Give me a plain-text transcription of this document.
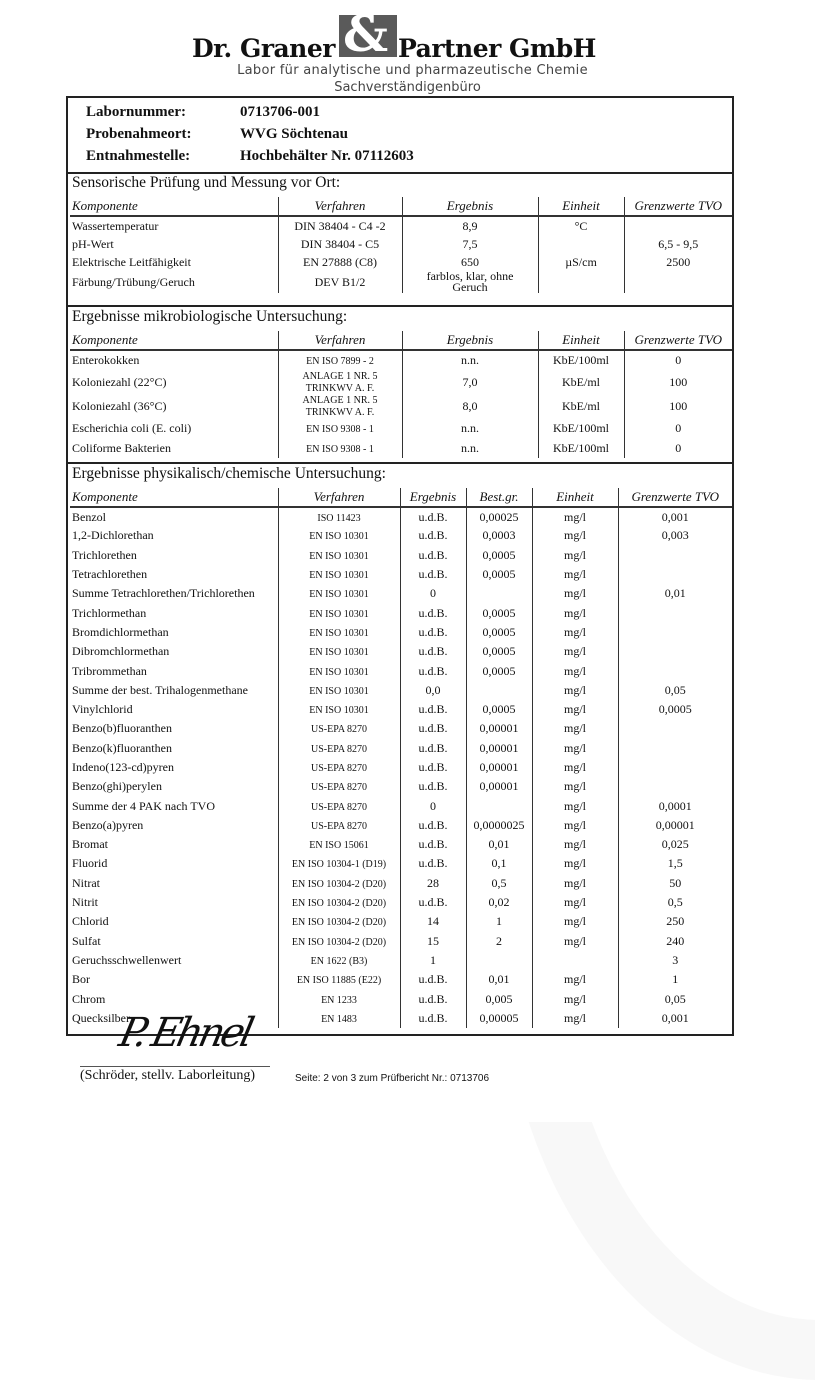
Dr. Graner	Partner GmbH
&
Labor für analytische und pharmazeutische Chemie
Sachverständigenbüro
Labornummer:	0713706-001
Probenahmeort:	WVG Söchtenau
Entnahmestelle:	Hochbehälter Nr. 07112603
Sensorische Prüfung und Messung vor Ort:
Komponente	Verfahren	Ergebnis	Einheit	Grenzwerte TVO
Wassertemperatur	DIN 38404 - C4 -2	8,9	°C	
pH-Wert	DIN 38404 - C5	7,5		6,5 - 9,5
Elektrische Leitfähigkeit	EN 27888 (C8)	650	µS/cm	2500
Färbung/Trübung/Geruch	DEV B1/2	farblos, klar, ohne
Geruch		
Ergebnisse mikrobiologische Untersuchung:
Komponente	Verfahren	Ergebnis	Einheit	Grenzwerte TVO
Enterokokken	EN ISO 7899 - 2	n.n.	KbE/100ml	0
Koloniezahl (22°C)	ANLAGE 1 NR. 5
TRINKWV A. F.	7,0	KbE/ml	100
Koloniezahl (36°C)	ANLAGE 1 NR. 5
TRINKWV A. F.	8,0	KbE/ml	100
Escherichia coli (E. coli)	EN ISO 9308 - 1	n.n.	KbE/100ml	0
Coliforme Bakterien	EN ISO 9308 - 1	n.n.	KbE/100ml	0
Ergebnisse physikalisch/chemische Untersuchung:
Komponente	Verfahren	Ergebnis	Best.gr.	Einheit	Grenzwerte TVO
Benzol	ISO 11423	u.d.B.	0,00025	mg/l	0,001
1,2-Dichlorethan	EN ISO 10301	u.d.B.	0,0003	mg/l	0,003
Trichlorethen	EN ISO 10301	u.d.B.	0,0005	mg/l	
Tetrachlorethen	EN ISO 10301	u.d.B.	0,0005	mg/l	
Summe Tetrachlorethen/Trichlorethen	EN ISO 10301	0		mg/l	0,01
Trichlormethan	EN ISO 10301	u.d.B.	0,0005	mg/l	
Bromdichlormethan	EN ISO 10301	u.d.B.	0,0005	mg/l	
Dibromchlormethan	EN ISO 10301	u.d.B.	0,0005	mg/l	
Tribrommethan	EN ISO 10301	u.d.B.	0,0005	mg/l	
Summe der best. Trihalogenmethane	EN ISO 10301	0,0		mg/l	0,05
Vinylchlorid	EN ISO 10301	u.d.B.	0,0005	mg/l	0,0005
Benzo(b)fluoranthen	US-EPA 8270	u.d.B.	0,00001	mg/l	
Benzo(k)fluoranthen	US-EPA 8270	u.d.B.	0,00001	mg/l	
Indeno(123-cd)pyren	US-EPA 8270	u.d.B.	0,00001	mg/l	
Benzo(ghi)perylen	US-EPA 8270	u.d.B.	0,00001	mg/l	
Summe der 4 PAK nach TVO	US-EPA 8270	0		mg/l	0,0001
Benzo(a)pyren	US-EPA 8270	u.d.B.	0,0000025	mg/l	0,00001
Bromat	EN ISO 15061	u.d.B.	0,01	mg/l	0,025
Fluorid	EN ISO 10304-1 (D19)	u.d.B.	0,1	mg/l	1,5
Nitrat	EN ISO 10304-2 (D20)	28	0,5	mg/l	50
Nitrit	EN ISO 10304-2 (D20)	u.d.B.	0,02	mg/l	0,5
Chlorid	EN ISO 10304-2 (D20)	14	1	mg/l	250
Sulfat	EN ISO 10304-2 (D20)	15	2	mg/l	240
Geruchsschwellenwert	EN 1622 (B3)	1			3
Bor	EN ISO 11885 (E22)	u.d.B.	0,01	mg/l	1
Chrom	EN 1233	u.d.B.	0,005	mg/l	0,05
Quecksilber	EN 1483	u.d.B.	0,00005	mg/l	0,001
P. Ehnel
(Schröder, stellv. Laborleitung)	Seite: 2 von 3 zum Prüfbericht Nr.: 0713706
